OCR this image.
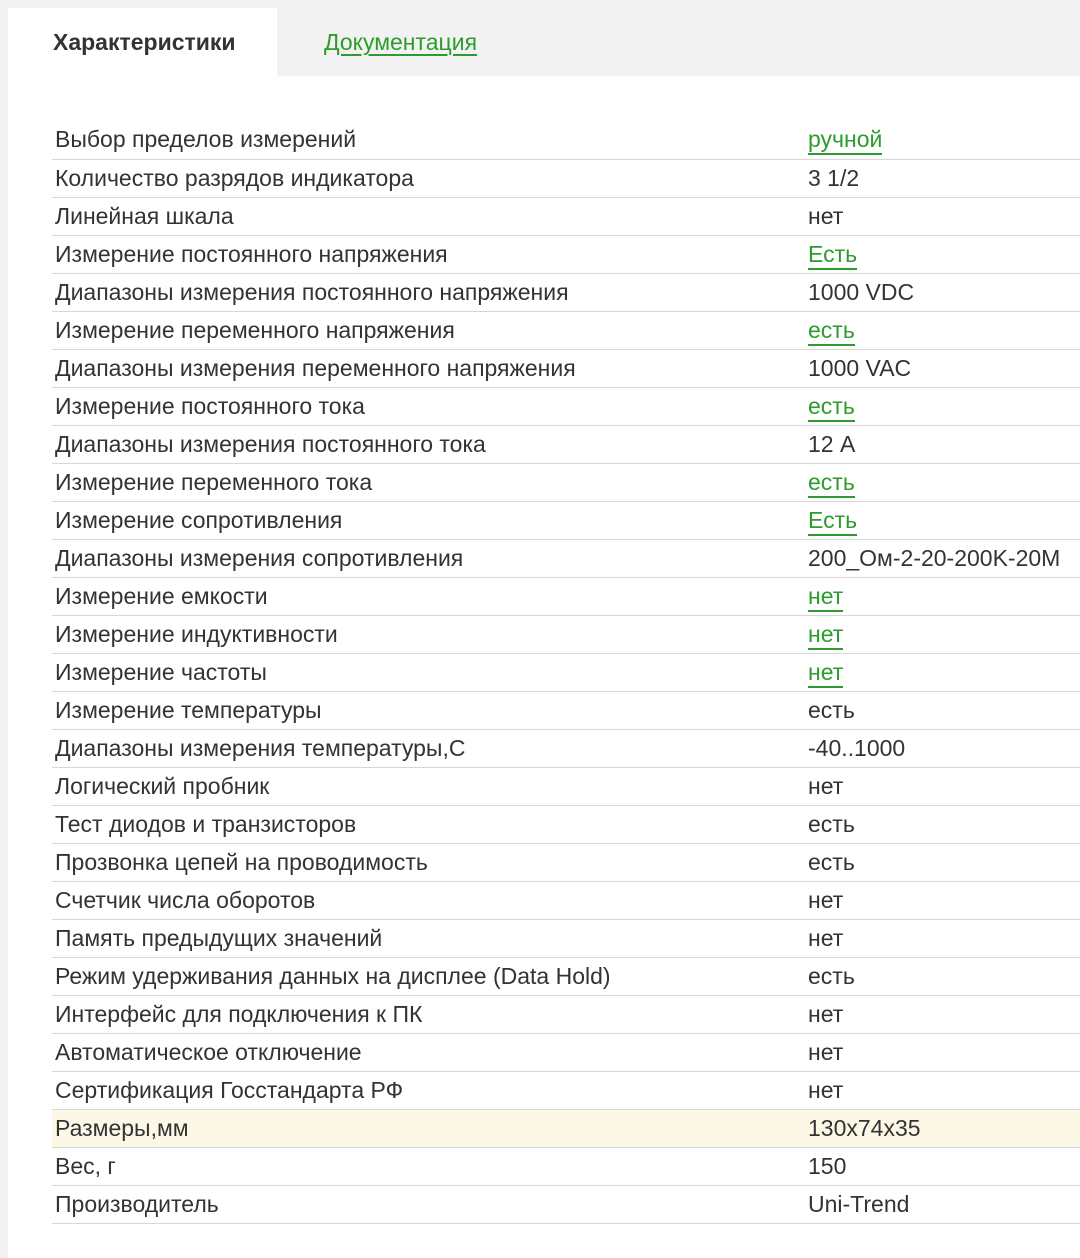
Характеристики	Документация
Выбор пределов измерений	ручной
Количество разрядов индикатора	3 1/2
Линейная шкала	нет
Измерение постоянного напряжения	Есть
Диапазоны измерения постоянного напряжения	1000 VDC
Измерение переменного напряжения	есть
Диапазоны измерения переменного напряжения	1000 VAC
Измерение постоянного тока	есть
Диапазоны измерения постоянного тока	12 А
Измерение переменного тока	есть
Измерение сопротивления	Есть
Диапазоны измерения сопротивления	200_Ом-2-20-200K-20M
Измерение емкости	нет
Измерение индуктивности	нет
Измерение частоты	нет
Измерение температуры	есть
Диапазоны измерения температуры,С	-40..1000
Логический пробник	нет
Тест диодов и транзисторов	есть
Прозвонка цепей на проводимость	есть
Счетчик числа оборотов	нет
Память предыдущих значений	нет
Режим удерживания данных на дисплее (Data Hold)	есть
Интерфейс для подключения к ПК	нет
Автоматическое отключение	нет
Сертификация Госстандарта РФ	нет
Размеры,мм	130x74x35
Вес, г	150
Производитель	Uni-Trend
